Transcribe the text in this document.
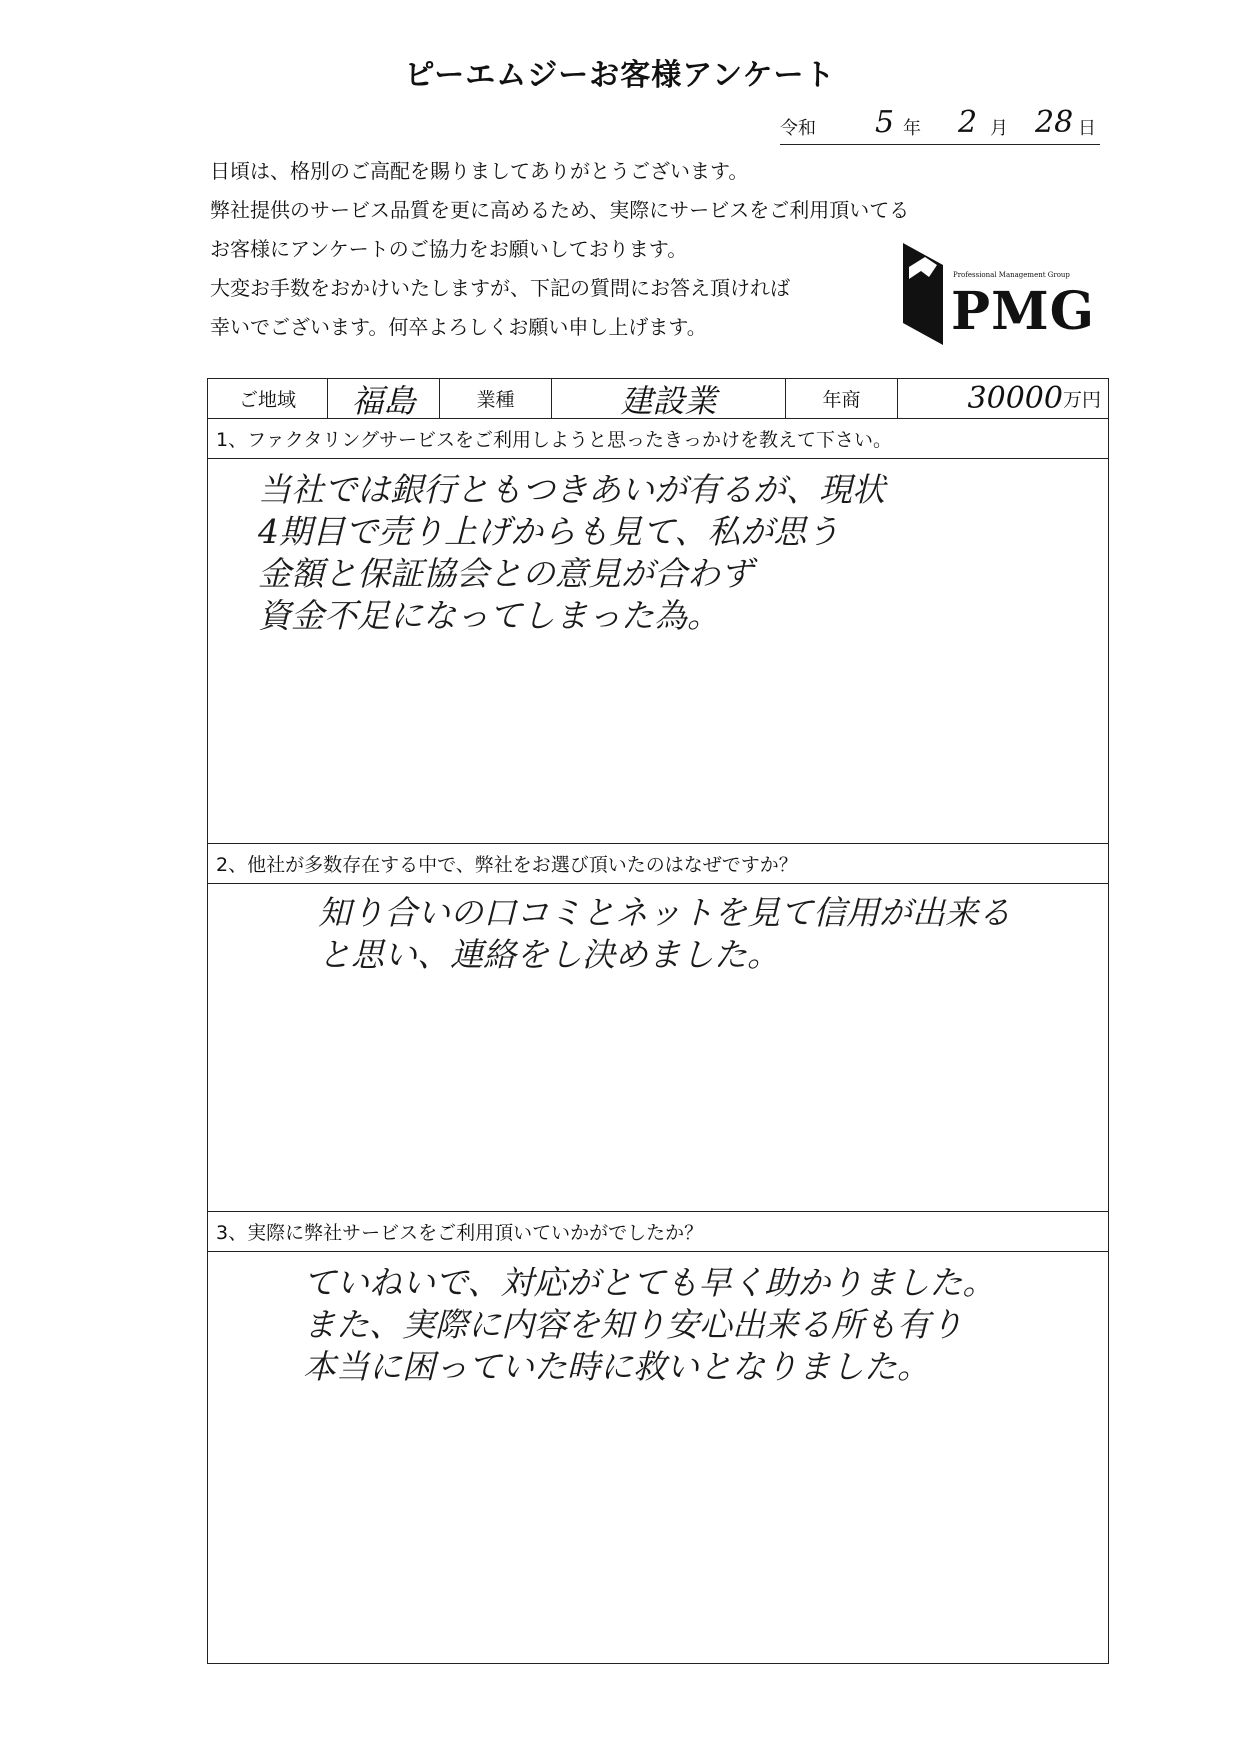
ピーエムジーお客様アンケート
令和 5 年 2 月 28 日
日頃は、格別のご高配を賜りましてありがとうございます。
弊社提供のサービス品質を更に高めるため、実際にサービスをご利用頂いてる
お客様にアンケートのご協力をお願いしております。
大変お手数をおかけいたしますが、下記の質問にお答え頂ければ
幸いでございます。何卒よろしくお願い申し上げます。
Professional Management Group
PMG
ご地域	福島	業種	建設業	年商	30000 万円
1、ファクタリングサービスをご利用しようと思ったきっかけを教えて下さい。
当社では銀行ともつきあいが有るが、現状
4期目で売り上げからも見て、私が思う
金額と保証協会との意見が合わず
資金不足になってしまった為。
2、他社が多数存在する中で、弊社をお選び頂いたのはなぜですか？
知り合いの口コミとネットを見て信用が出来る
と思い、連絡をし決めました。
3、実際に弊社サービスをご利用頂いていかがでしたか？
ていねいで、対応がとても早く助かりました。
また、実際に内容を知り安心出来る所も有り
本当に困っていた時に救いとなりました。
